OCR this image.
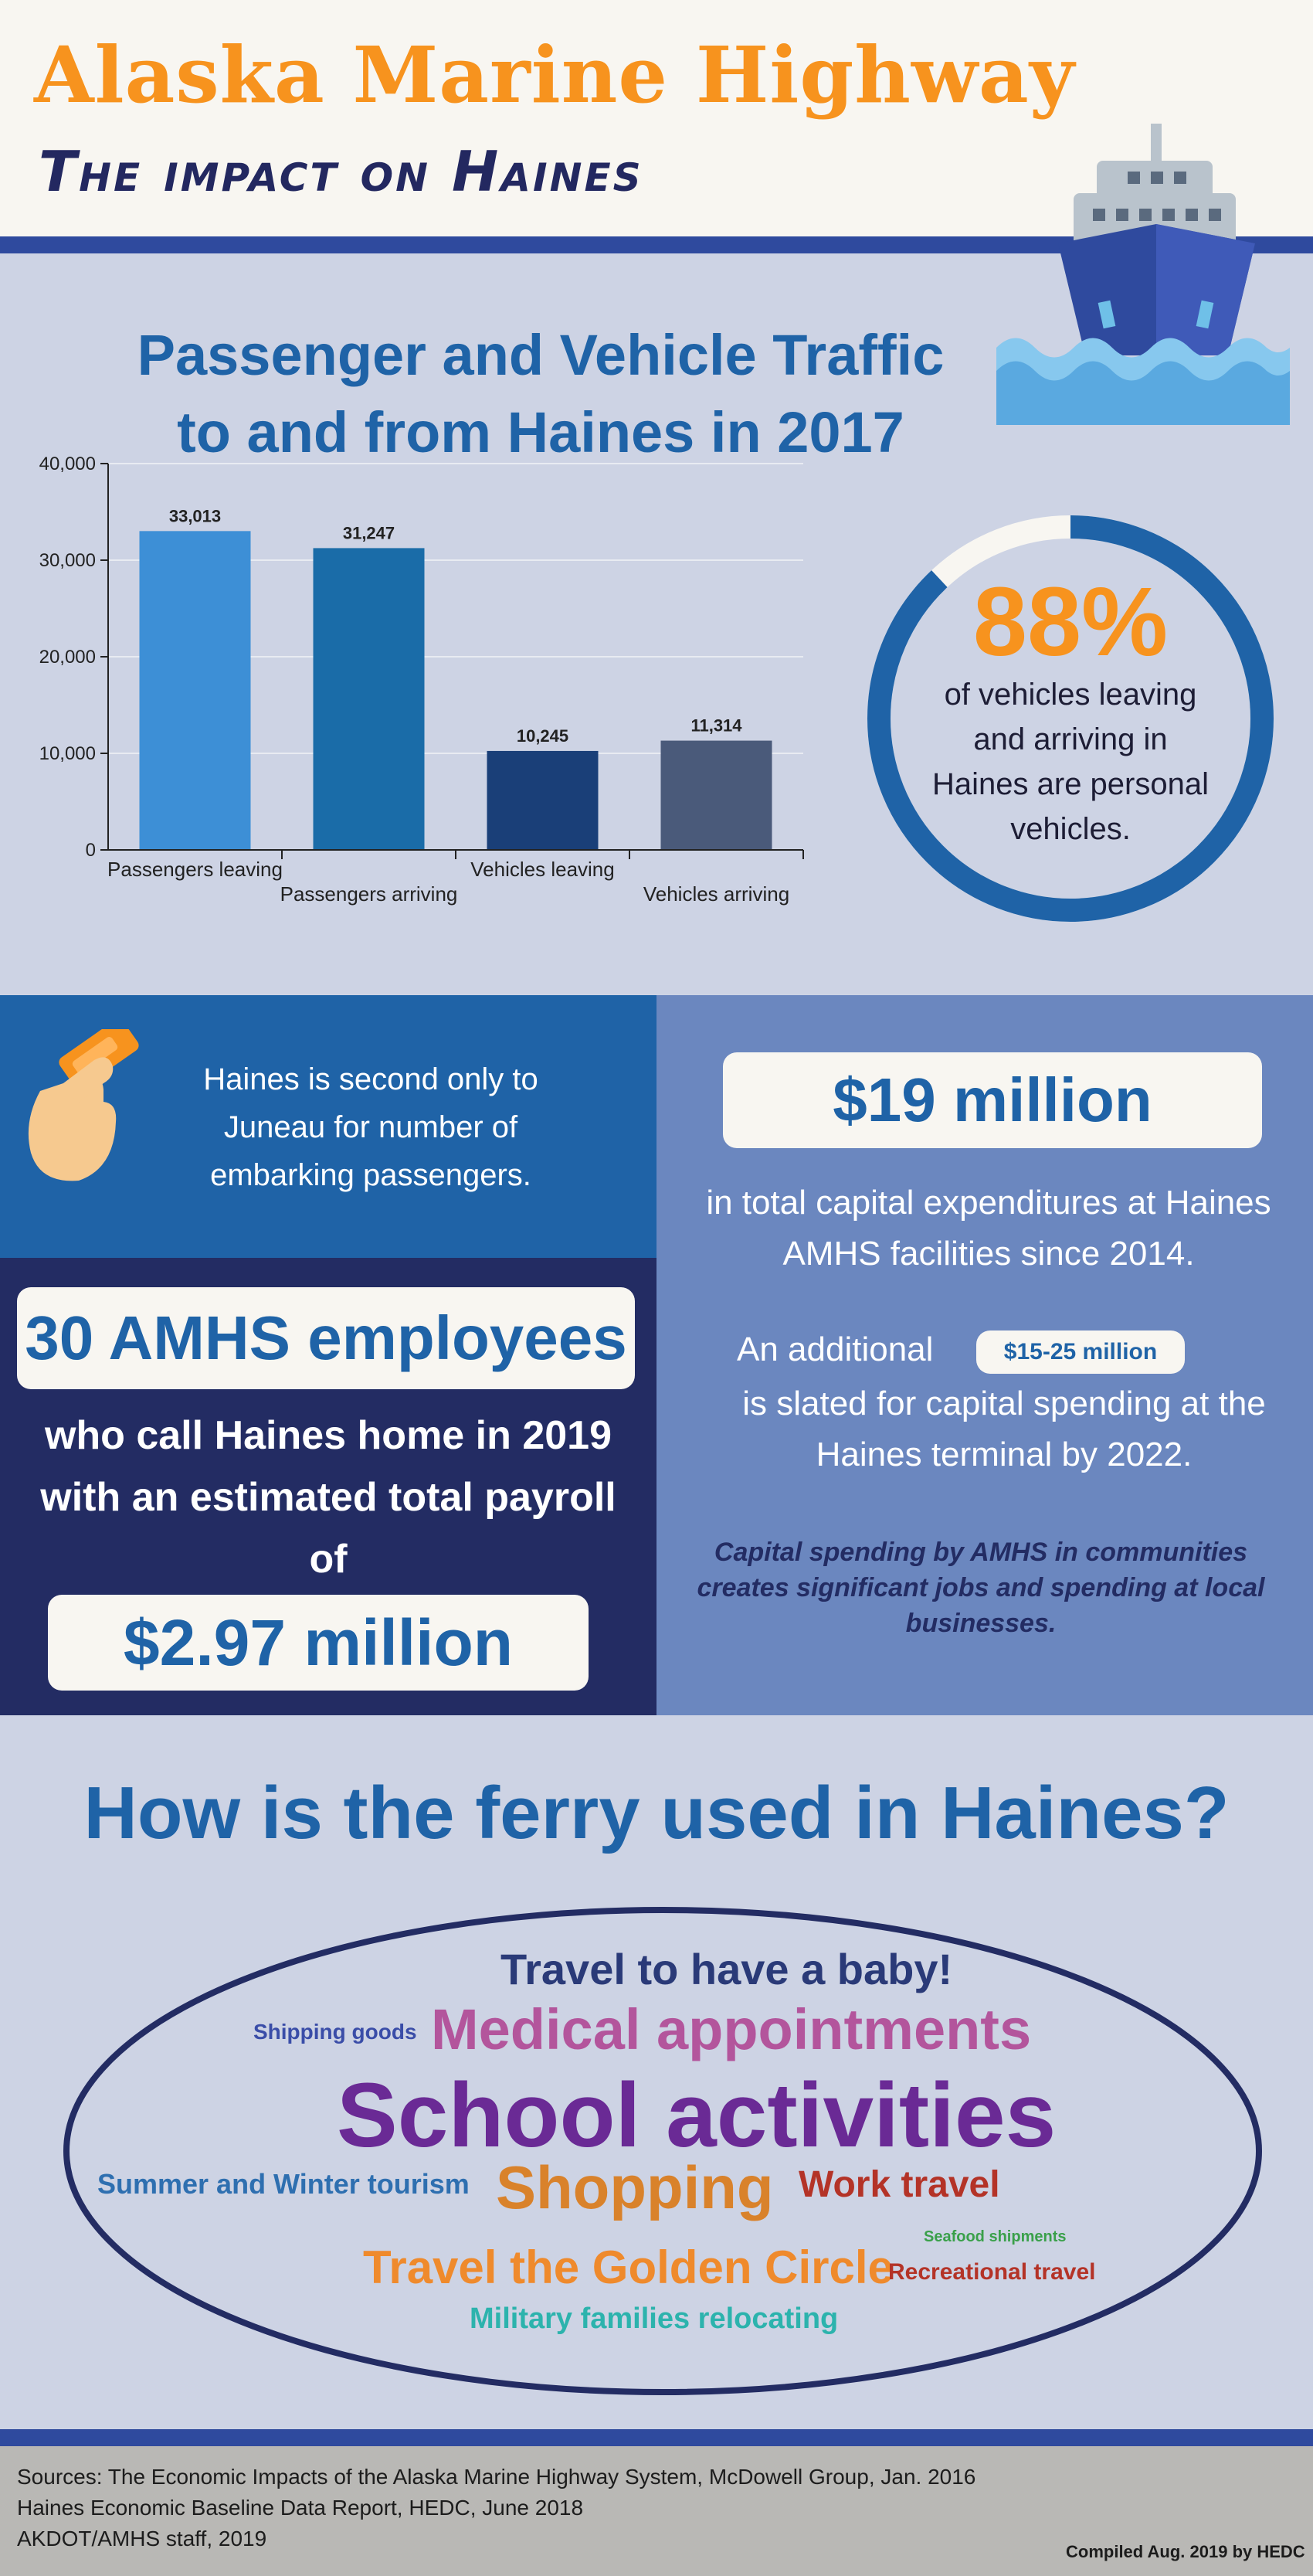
Alaska Marine Highway
The impact on Haines
Passenger and Vehicle Traffic
to and from Haines in 2017
0
10,000
20,000
30,000
40,000
33,013
31,247
10,245
11,314
Passengers leaving
Passengers arriving
Vehicles leaving
Vehicles arriving
88%
of vehicles leaving and arriving in Haines are personal vehicles.
Haines is second only to Juneau for number of embarking passengers.
$19 million
in total capital expenditures at Haines AMHS facilities since 2014.
An additional	$15-25 million
is slated for capital spending at the Haines terminal by 2022.
Capital spending by AMHS in communities creates significant jobs and spending at local businesses.
30 AMHS employees
who call Haines home in 2019 with an estimated total payroll of
$2.97 million
How is the ferry used in Haines?
Travel to have a baby!
Shipping goods Medical appointments
School activities
Summer and Winter tourism Shopping Work travel
Seafood shipments
Travel the Golden Circle
Recreational travel
Military families relocating
Sources: The Economic Impacts of the Alaska Marine Highway System, McDowell Group, Jan. 2016
Haines Economic Baseline Data Report, HEDC, June 2018
AKDOT/AMHS staff, 2019
Compiled Aug. 2019 by HEDC
